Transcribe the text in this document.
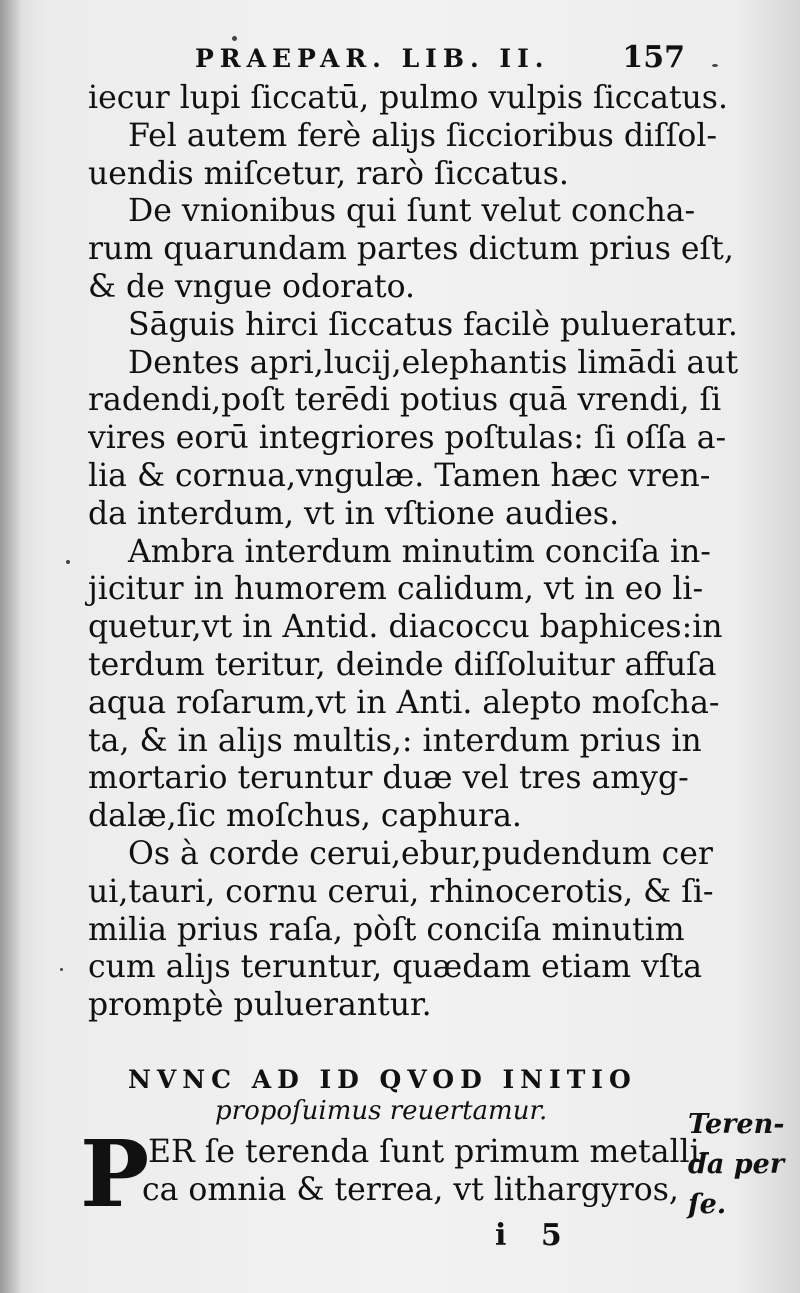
PRAEPAR. LIB. II. 157
iecur lupi ſiccatū, pulmo vulpis ſiccatus.
Fel autem ferè aliȷs ſiccioribus diſſol-
uendis miſcetur, rarò ſiccatus.
De vnionibus qui ſunt velut concha-
rum quarundam partes dictum prius eſt,
& de vngue odorato.
Sāguis hirci ſiccatus facilè pulueratur.
Dentes apri,lucij,elephantis limādi aut
radendi,poſt terēdi potius quā vrendi, ſi
vires eorū integriores poſtulas: ſi oſſa a-
lia & cornua,vngulæ. Tamen hæc vren-
da interdum, vt in vſtione audies.
Ambra interdum minutim conciſa in-
jicitur in humorem calidum, vt in eo li-
quetur,vt in Antid. diacoccu baphices:in
terdum teritur, deinde diſſoluitur affuſa
aqua roſarum,vt in Anti. alepto moſcha-
ta, & in aliȷs multis,: interdum prius in
mortario teruntur duæ vel tres amyg-
dalæ,ſic moſchus, caphura.
Os à corde cerui,ebur,pudendum cer
ui,tauri, cornu cerui, rhinocerotis, & ſi-
milia prius raſa, pòſt conciſa minutim
cum aliȷs teruntur, quædam etiam vſta
promptè puluerantur.
NVNC AD ID QVOD INITIO
propoſuimus reuertamur.
P
ER ſe terenda ſunt primum metalli-
ca omnia & terrea, vt lithargyros,
Teren-
da per
ſe.
i 5
